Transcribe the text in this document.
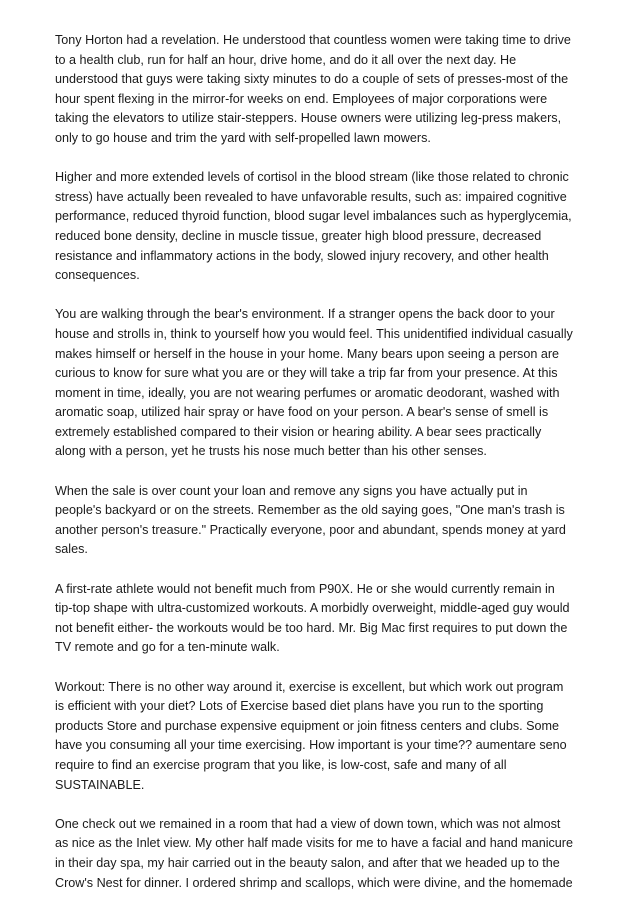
Tony Horton had a revelation. He understood that countless women were taking time to drive
to a health club, run for half an hour, drive home, and do it all over the next day. He
understood that guys were taking sixty minutes to do a couple of sets of presses-most of the
hour spent flexing in the mirror-for weeks on end. Employees of major corporations were
taking the elevators to utilize stair-steppers. House owners were utilizing leg-press makers,
only to go house and trim the yard with self-propelled lawn mowers.

Higher and more extended levels of cortisol in the blood stream (like those related to chronic
stress) have actually been revealed to have unfavorable results, such as: impaired cognitive
performance, reduced thyroid function, blood sugar level imbalances such as hyperglycemia,
reduced bone density, decline in muscle tissue, greater high blood pressure, decreased
resistance and inflammatory actions in the body, slowed injury recovery, and other health
consequences.

You are walking through the bear's environment. If a stranger opens the back door to your
house and strolls in, think to yourself how you would feel. This unidentified individual casually
makes himself or herself in the house in your home. Many bears upon seeing a person are
curious to know for sure what you are or they will take a trip far from your presence. At this
moment in time, ideally, you are not wearing perfumes or aromatic deodorant, washed with
aromatic soap, utilized hair spray or have food on your person. A bear's sense of smell is
extremely established compared to their vision or hearing ability. A bear sees practically
along with a person, yet he trusts his nose much better than his other senses.

When the sale is over count your loan and remove any signs you have actually put in
people's backyard or on the streets. Remember as the old saying goes, "One man's trash is
another person's treasure." Practically everyone, poor and abundant, spends money at yard
sales.

A first-rate athlete would not benefit much from P90X. He or she would currently remain in
tip-top shape with ultra-customized workouts. A morbidly overweight, middle-aged guy would
not benefit either- the workouts would be too hard. Mr. Big Mac first requires to put down the
TV remote and go for a ten-minute walk.

Workout: There is no other way around it, exercise is excellent, but which work out program
is efficient with your diet? Lots of Exercise based diet plans have you run to the sporting
products Store and purchase expensive equipment or join fitness centers and clubs. Some
have you consuming all your time exercising. How important is your time?? aumentare seno
require to find an exercise program that you like, is low-cost, safe and many of all
SUSTAINABLE.

One check out we remained in a room that had a view of down town, which was not almost
as nice as the Inlet view. My other half made visits for me to have a facial and hand manicure
in their day spa, my hair carried out in the beauty salon, and after that we headed up to the
Crow's Nest for dinner. I ordered shrimp and scallops, which were divine, and the homemade
